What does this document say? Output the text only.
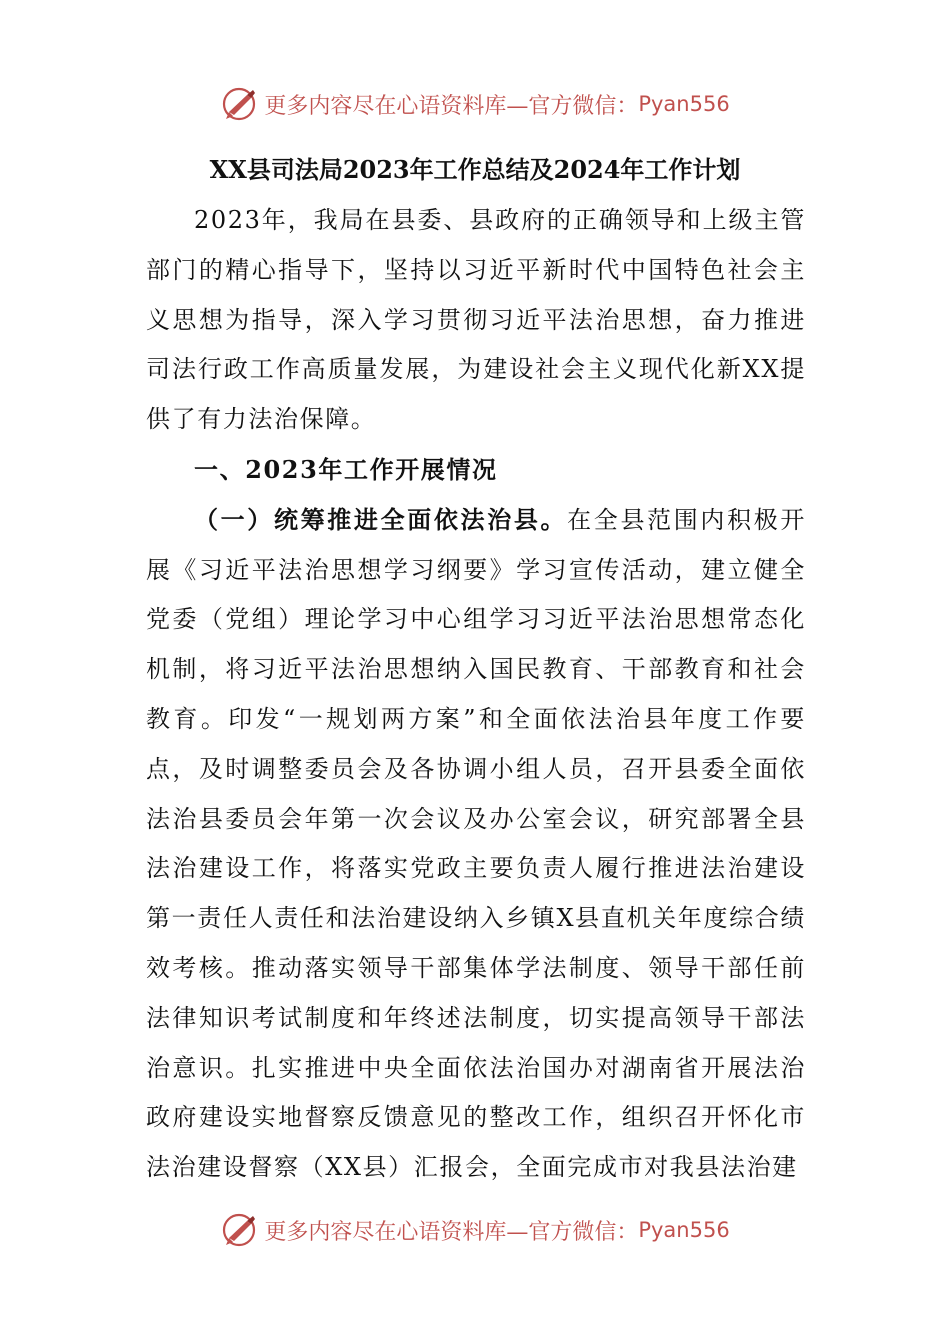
更多内容尽在心语资料库—官方微信： Pyan556
XX县司法局2023年工作总结及2024年工作计划

2023年，我局在县委、县政府的正确领导和上级主管部门的精心指导下，坚持以习近平新时代中国特色社会主义思想为指导，深入学习贯彻习近平法治思想，奋力推进司法行政工作高质量发展，为建设社会主义现代化新XX提供了有力法治保障。

一、2023年工作开展情况

（一）统筹推进全面依法治县。在全县范围内积极开展《习近平法治思想学习纲要》学习宣传活动，建立健全党委（党组）理论学习中心组学习习近平法治思想常态化机制，将习近平法治思想纳入国民教育、干部教育和社会教育。印发“一规划两方案”和全面依法治县年度工作要点，及时调整委员会及各协调小组人员，召开县委全面依法治县委员会年第一次会议及办公室会议，研究部署全县法治建设工作，将落实党政主要负责人履行推进法治建设第一责任人责任和法治建设纳入乡镇X县直机关年度综合绩效考核。推动落实领导干部集体学法制度、领导干部任前法律知识考试制度和年终述法制度，切实提高领导干部法治意识。扎实推进中央全面依法治国办对湖南省开展法治政府建设实地督察反馈意见的整改工作，组织召开怀化市法治建设督察（XX县）汇报会，全面完成市对我县法治建

更多内容尽在心语资料库—官方微信： Pyan556
